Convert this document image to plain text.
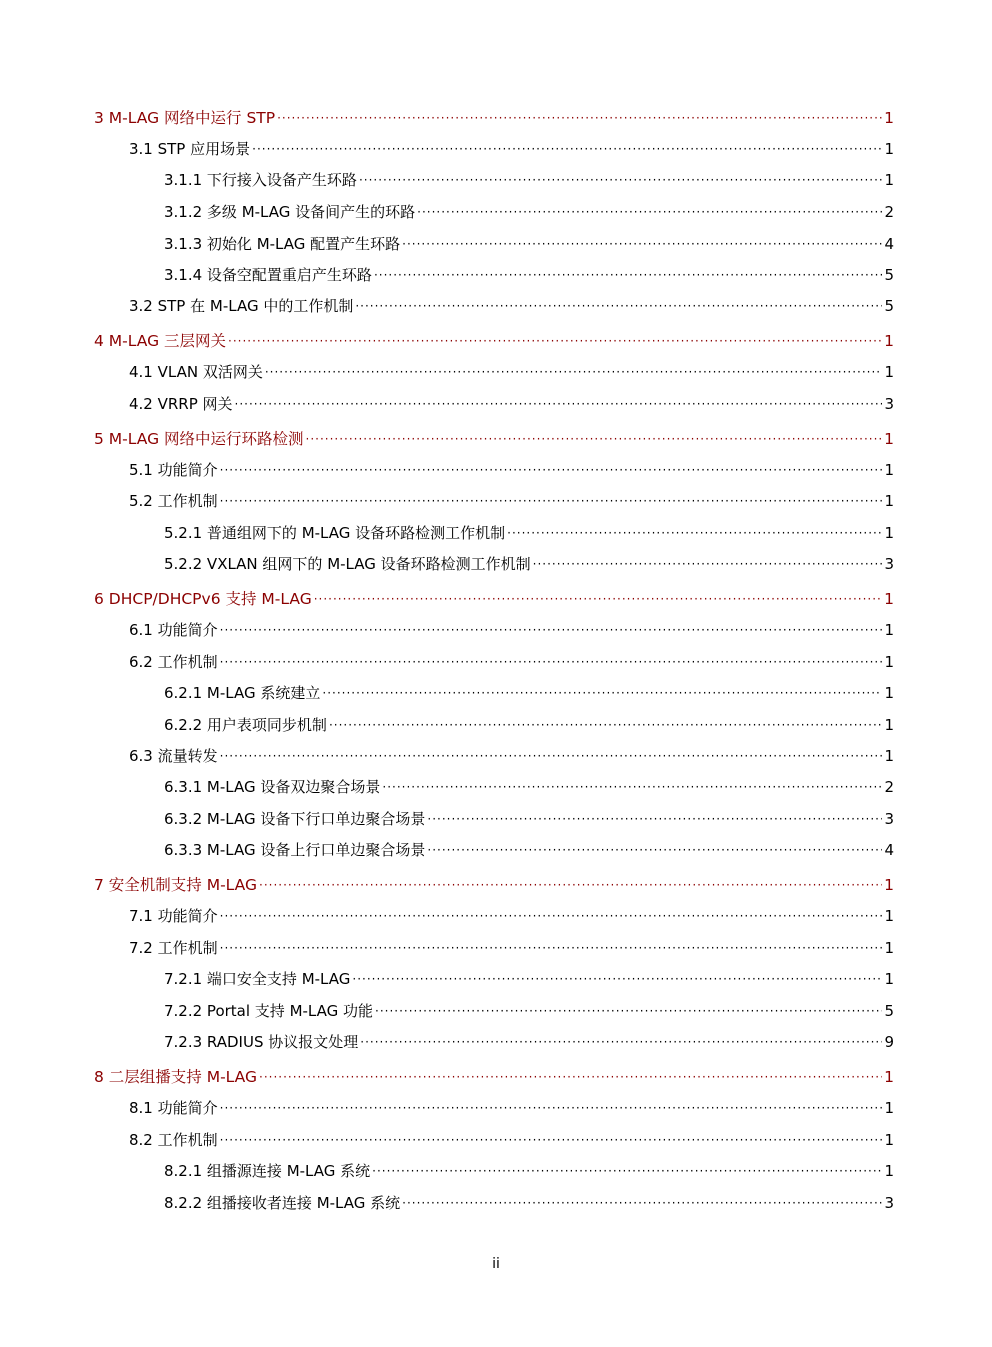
3 M-LAG 网络中运行 STP ·····	1
3.1 STP 应用场景 ·····	1
3.1.1 下行接入设备产生环路 ·····	1
3.1.2 多级 M-LAG 设备间产生的环路 ·····	2
3.1.3 初始化 M-LAG 配置产生环路 ·····	4
3.1.4 设备空配置重启产生环路 ·····	5
3.2 STP 在 M-LAG 中的工作机制 ·····	5
4 M-LAG 三层网关 ·····	1
4.1 VLAN 双活网关 ·····	1
4.2 VRRP 网关 ·····	3
5 M-LAG 网络中运行环路检测 ·····	1
5.1 功能简介 ·····	1
5.2 工作机制 ·····	1
5.2.1 普通组网下的 M-LAG 设备环路检测工作机制 ·····	1
5.2.2 VXLAN 组网下的 M-LAG 设备环路检测工作机制 ·····	3
6 DHCP/DHCPv6 支持 M-LAG ·····	1
6.1 功能简介 ·····	1
6.2 工作机制 ·····	1
6.2.1 M-LAG 系统建立 ·····	1
6.2.2 用户表项同步机制 ·····	1
6.3 流量转发 ·····	1
6.3.1 M-LAG 设备双边聚合场景 ·····	2
6.3.2 M-LAG 设备下行口单边聚合场景 ·····	3
6.3.3 M-LAG 设备上行口单边聚合场景 ·····	4
7 安全机制支持 M-LAG ·····	1
7.1 功能简介 ·····	1
7.2 工作机制 ·····	1
7.2.1 端口安全支持 M-LAG ·····	1
7.2.2 Portal 支持 M-LAG 功能 ·····	5
7.2.3 RADIUS 协议报文处理 ·····	9
8 二层组播支持 M-LAG ·····	1
8.1 功能简介 ·····	1
8.2 工作机制 ·····	1
8.2.1 组播源连接 M-LAG 系统 ·····	1
8.2.2 组播接收者连接 M-LAG 系统 ·····	3
ii
